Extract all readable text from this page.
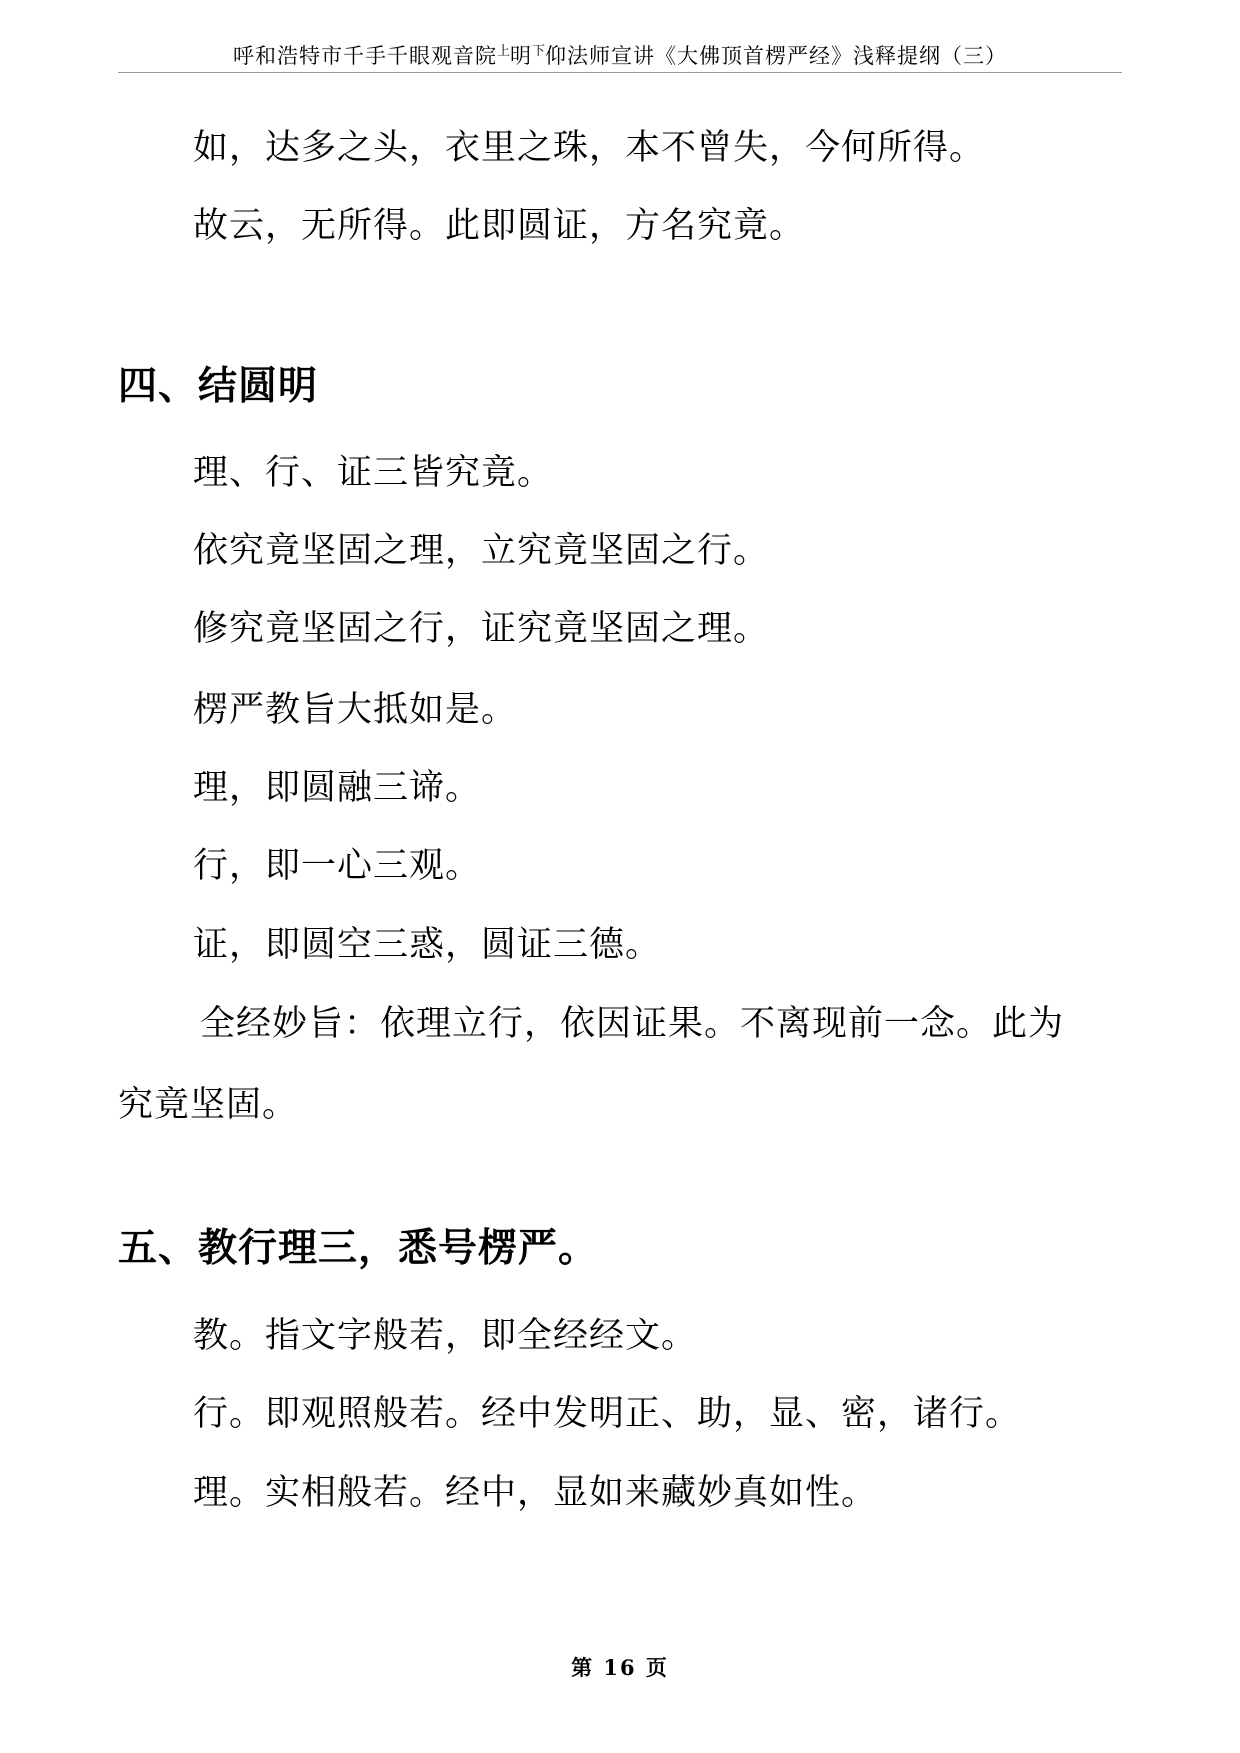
呼和浩特市千手千眼观音院$^上$明$^下$仰法师宣讲《大佛顶首楞严经》浅释提纲（三）
如，达多之头，衣里之珠，本不曾失，今何所得。
故云，无所得。此即圆证，方名究竟。
四、结圆明
理、行、证三皆究竟。
依究竟坚固之理，立究竟坚固之行。
修究竟坚固之行，证究竟坚固之理。
楞严教旨大抵如是。
理，即圆融三谛。
行，即一心三观。
证，即圆空三惑，圆证三德。
全经妙旨：依理立行，依因证果。不离现前一念。此为
究竟坚固。
五、教行理三，悉号楞严。
教。指文字般若，即全经经文。
行。即观照般若。经中发明正、助，显、密，诸行。
理。实相般若。经中，显如来藏妙真如性。
第 16 页
